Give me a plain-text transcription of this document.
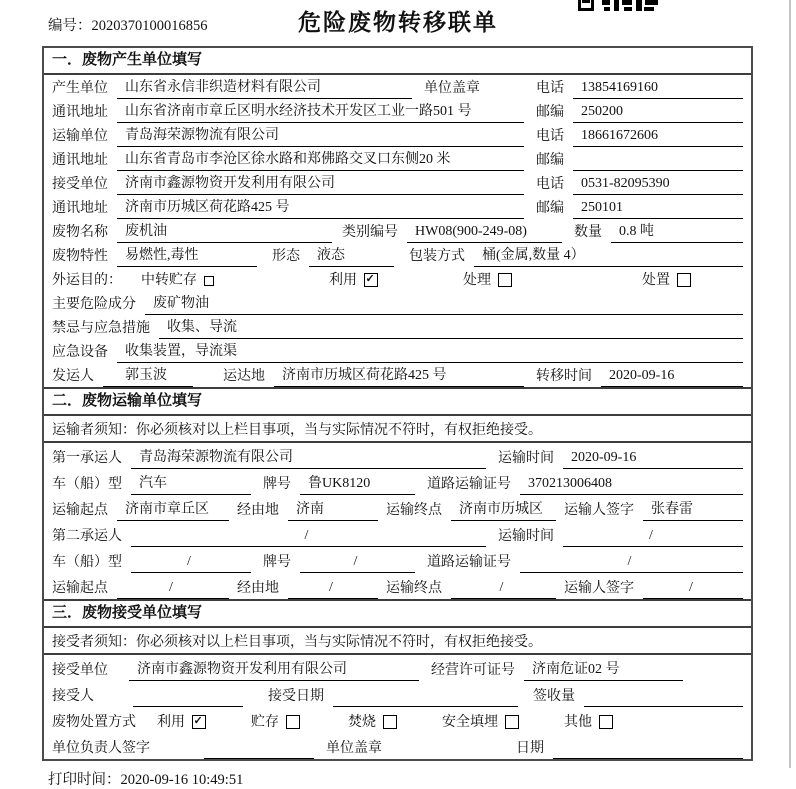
编号：2020370100016856	危险废物转移联单
一．废物产生单位填写
产生单位	山东省永信非织造材料有限公司	单位盖章	电话	13854169160
通讯地址	山东省济南市章丘区明水经济技术开发区工业一路501 号	邮编	250200
运输单位	青岛海荣源物流有限公司	电话	18661672606
通讯地址	山东省青岛市李沧区徐水路和郑佛路交叉口东侧20 米	邮编
接受单位	济南市鑫源物资开发利用有限公司	电话	0531-82095390
通讯地址	济南市历城区荷花路425 号	邮编	250101
废物名称	废机油	类别编号	HW08(900-249-08)	数量	0.8 吨
废物特性	易燃性,毒性	形态	液态	包装方式	桶(金属,数量 4）
外运目的： 中转贮存	利用 ✓	处理	处置
主要危险成分	废矿物油
禁忌与应急措施	收集、导流
应急设备	收集装置，导流渠
发运人	郭玉波	运达地	济南市历城区荷花路425 号	转移时间	2020-09-16
二．废物运输单位填写
运输者须知：你必须核对以上栏目事项，当与实际情况不符时，有权拒绝接受。
第一承运人	青岛海荣源物流有限公司	运输时间	2020-09-16
车（船）型	汽车	牌号	鲁UK8120	道路运输证号	370213006408
运输起点	济南市章丘区	经由地	济南	运输终点	济南市历城区	运输人签字	张春雷
第二承运人	/	运输时间	/
车（船）型	/	牌号	/	道路运输证号	/
运输起点	/	经由地	/	运输终点	/	运输人签字	/
三．废物接受单位填写
接受者须知：你必须核对以上栏目事项，当与实际情况不符时，有权拒绝接受。
接受单位	济南市鑫源物资开发利用有限公司	经营许可证号	济南危证02 号
接受人	接受日期	签收量
废物处置方式 利用 ✓	贮存	焚烧	安全填埋	其他
单位负责人签字	单位盖章	日期
打印时间：2020-09-16 10:49:51
